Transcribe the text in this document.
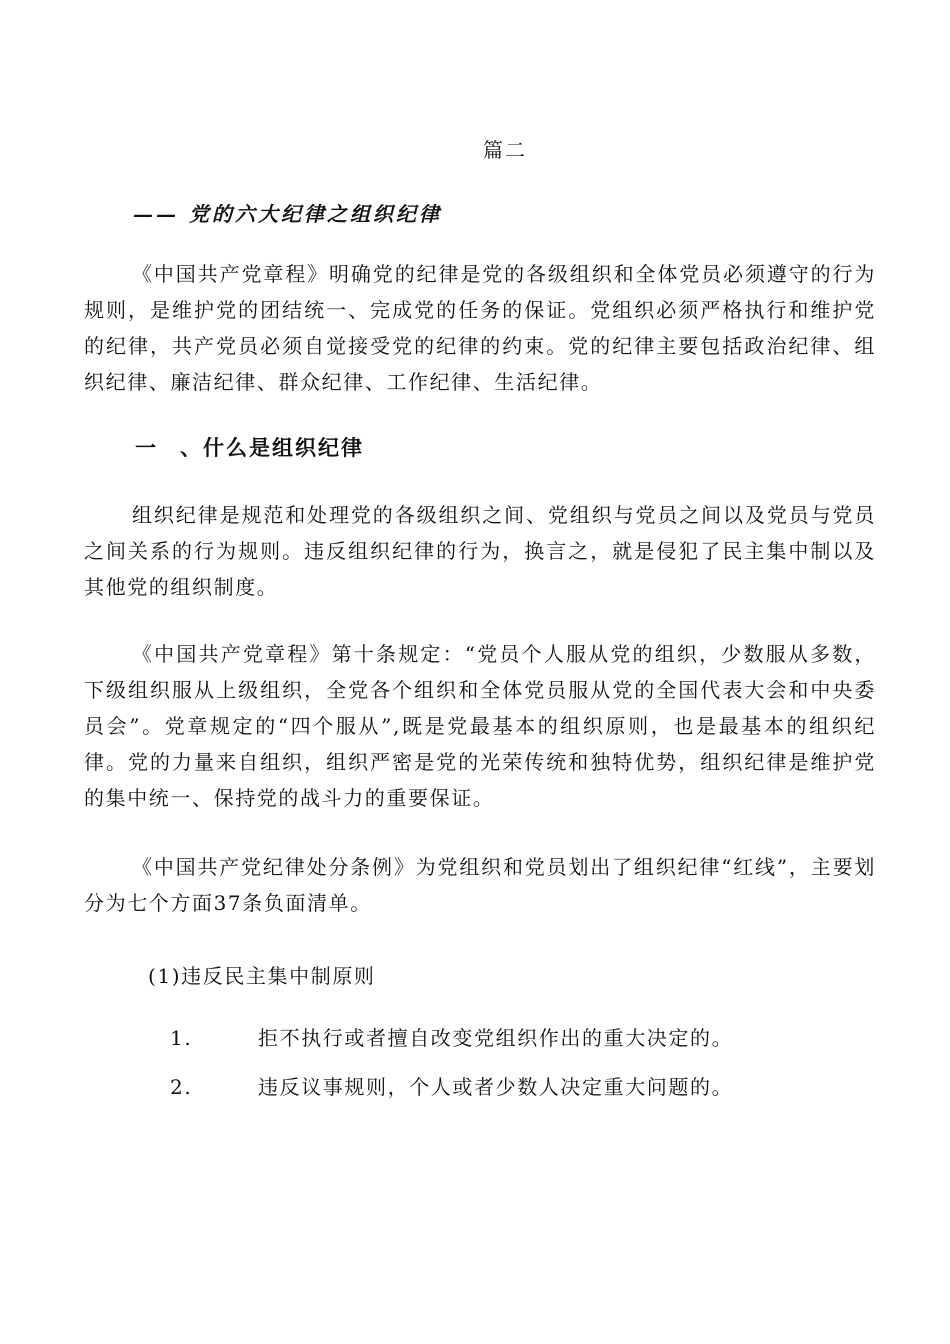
篇二
—— 党的六大纪律之组织纪律

《中国共产党章程》明确党的纪律是党的各级组织和全体党员必须遵守的行为规则，是维护党的团结统一、完成党的任务的保证。党组织必须严格执行和维护党的纪律，共产党员必须自觉接受党的纪律的约束。党的纪律主要包括政治纪律、组织纪律、廉洁纪律、群众纪律、工作纪律、生活纪律。

一 、什么是组织纪律

组织纪律是规范和处理党的各级组织之间、党组织与党员之间以及党员与党员之间关系的行为规则。违反组织纪律的行为，换言之，就是侵犯了民主集中制以及其他党的组织制度。

《中国共产党章程》第十条规定：“党员个人服从党的组织，少数服从多数，下级组织服从上级组织，全党各个组织和全体党员服从党的全国代表大会和中央委员会”。党章规定的“四个服从”,既是党最基本的组织原则，也是最基本的组织纪律。党的力量来自组织，组织严密是党的光荣传统和独特优势，组织纪律是维护党的集中统一、保持党的战斗力的重要保证。

《中国共产党纪律处分条例》为党组织和党员划出了组织纪律“红线”，主要划分为七个方面37条负面清单。

(1)违反民主集中制原则
1.	拒不执行或者擅自改变党组织作出的重大决定的。
2.	违反议事规则，个人或者少数人决定重大问题的。
